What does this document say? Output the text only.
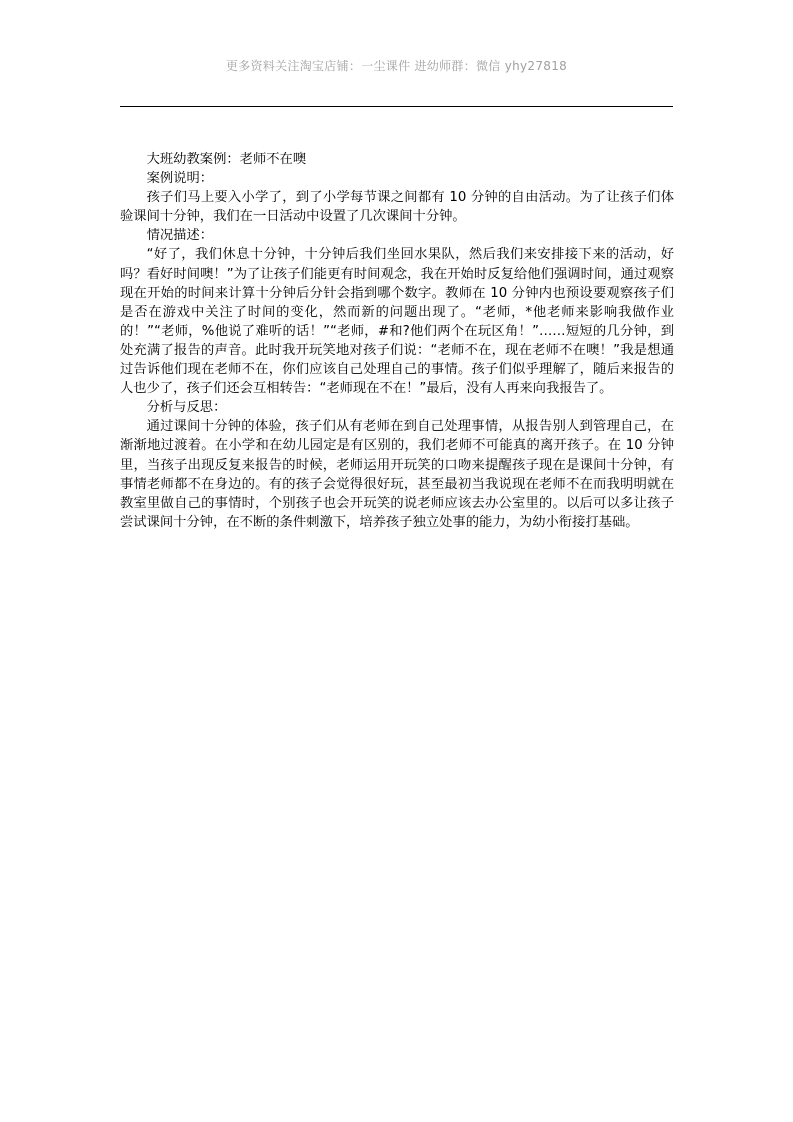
更多资料关注淘宝店铺：一尘课件 进幼师群：微信 yhy27818

大班幼教案例：老师不在噢

案例说明：

孩子们马上要入小学了，到了小学每节课之间都有 10 分钟的自由活动。为了让孩子们体验课间十分钟，我们在一日活动中设置了几次课间十分钟。

情况描述：

“好了，我们休息十分钟，十分钟后我们坐回水果队，然后我们来安排接下来的活动，好吗？看好时间噢！”为了让孩子们能更有时间观念，我在开始时反复给他们强调时间，通过观察现在开始的时间来计算十分钟后分针会指到哪个数字。教师在 10 分钟内也预设要观察孩子们是否在游戏中关注了时间的变化，然而新的问题出现了。“老师，*他老师来影响我做作业的！”“老师，%他说了难听的话！”“老师，#和?他们两个在玩区角！”……短短的几分钟，到处充满了报告的声音。此时我开玩笑地对孩子们说：“老师不在，现在老师不在噢！”我是想通过告诉他们现在老师不在，你们应该自己处理自己的事情。孩子们似乎理解了，随后来报告的人也少了，孩子们还会互相转告：“老师现在不在！”最后，没有人再来向我报告了。

分析与反思：

通过课间十分钟的体验，孩子们从有老师在到自己处理事情，从报告别人到管理自己，在渐渐地过渡着。在小学和在幼儿园定是有区别的，我们老师不可能真的离开孩子。在 10 分钟里，当孩子出现反复来报告的时候，老师运用开玩笑的口吻来提醒孩子现在是课间十分钟，有事情老师都不在身边的。有的孩子会觉得很好玩，甚至最初当我说现在老师不在而我明明就在教室里做自己的事情时，个别孩子也会开玩笑的说老师应该去办公室里的。以后可以多让孩子尝试课间十分钟，在不断的条件刺激下，培养孩子独立处事的能力，为幼小衔接打基础。
